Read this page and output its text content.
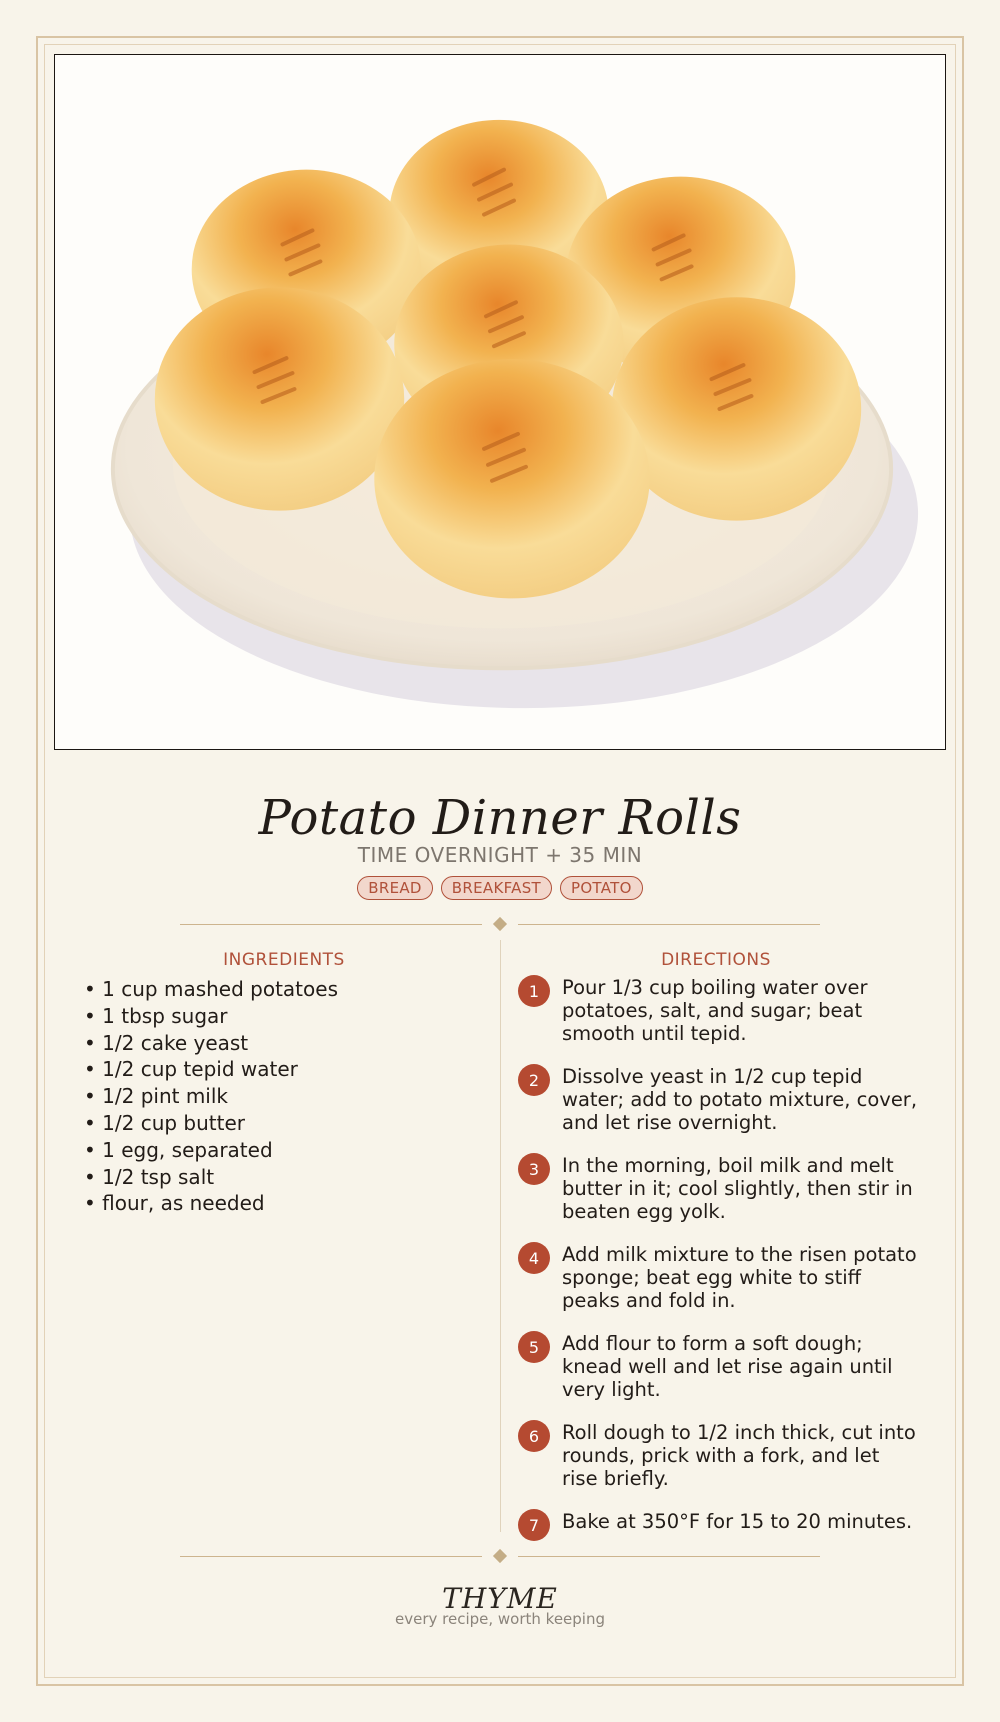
Potato Dinner Rolls
TIME OVERNIGHT + 35 MIN
BREAD	BREAKFAST	POTATO
INGREDIENTS	DIRECTIONS
• 1 cup mashed potatoes
• 1 tbsp sugar
• 1/2 cake yeast
• 1/2 cup tepid water
• 1/2 pint milk
• 1/2 cup butter
• 1 egg, separated
• 1/2 tsp salt
• flour, as needed
1	Pour 1/3 cup boiling water over potatoes, salt, and sugar; beat smooth until tepid.
2	Dissolve yeast in 1/2 cup tepid water; add to potato mixture, cover, and let rise overnight.
3	In the morning, boil milk and melt butter in it; cool slightly, then stir in beaten egg yolk.
4	Add milk mixture to the risen potato sponge; beat egg white to stiff peaks and fold in.
5	Add flour to form a soft dough; knead well and let rise again until very light.
6	Roll dough to 1/2 inch thick, cut into rounds, prick with a fork, and let rise briefly.
7	Bake at 350°F for 15 to 20 minutes.
THYME
every recipe, worth keeping
